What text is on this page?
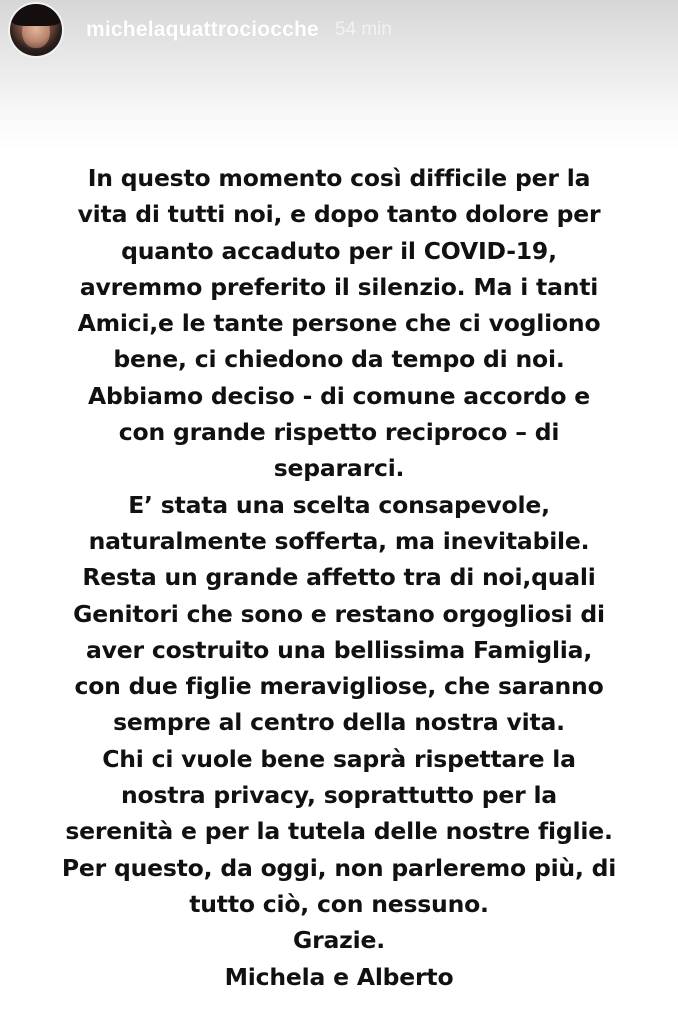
michelaquattrociocche 54 min
In questo momento così difficile per la
vita di tutti noi, e dopo tanto dolore per
quanto accaduto per il COVID-19,
avremmo preferito il silenzio. Ma i tanti
Amici,e le tante persone che ci vogliono
bene, ci chiedono da tempo di noi.
Abbiamo deciso - di comune accordo e
con grande rispetto reciproco – di
separarci.
E’ stata una scelta consapevole,
naturalmente sofferta, ma inevitabile.
Resta un grande affetto tra di noi,quali
Genitori che sono e restano orgogliosi di
aver costruito una bellissima Famiglia,
con due figlie meravigliose, che saranno
sempre al centro della nostra vita.
Chi ci vuole bene saprà rispettare la
nostra privacy, soprattutto per la
serenità e per la tutela delle nostre figlie.
Per questo, da oggi, non parleremo più, di
tutto ciò, con nessuno.
Grazie.
Michela e Alberto
